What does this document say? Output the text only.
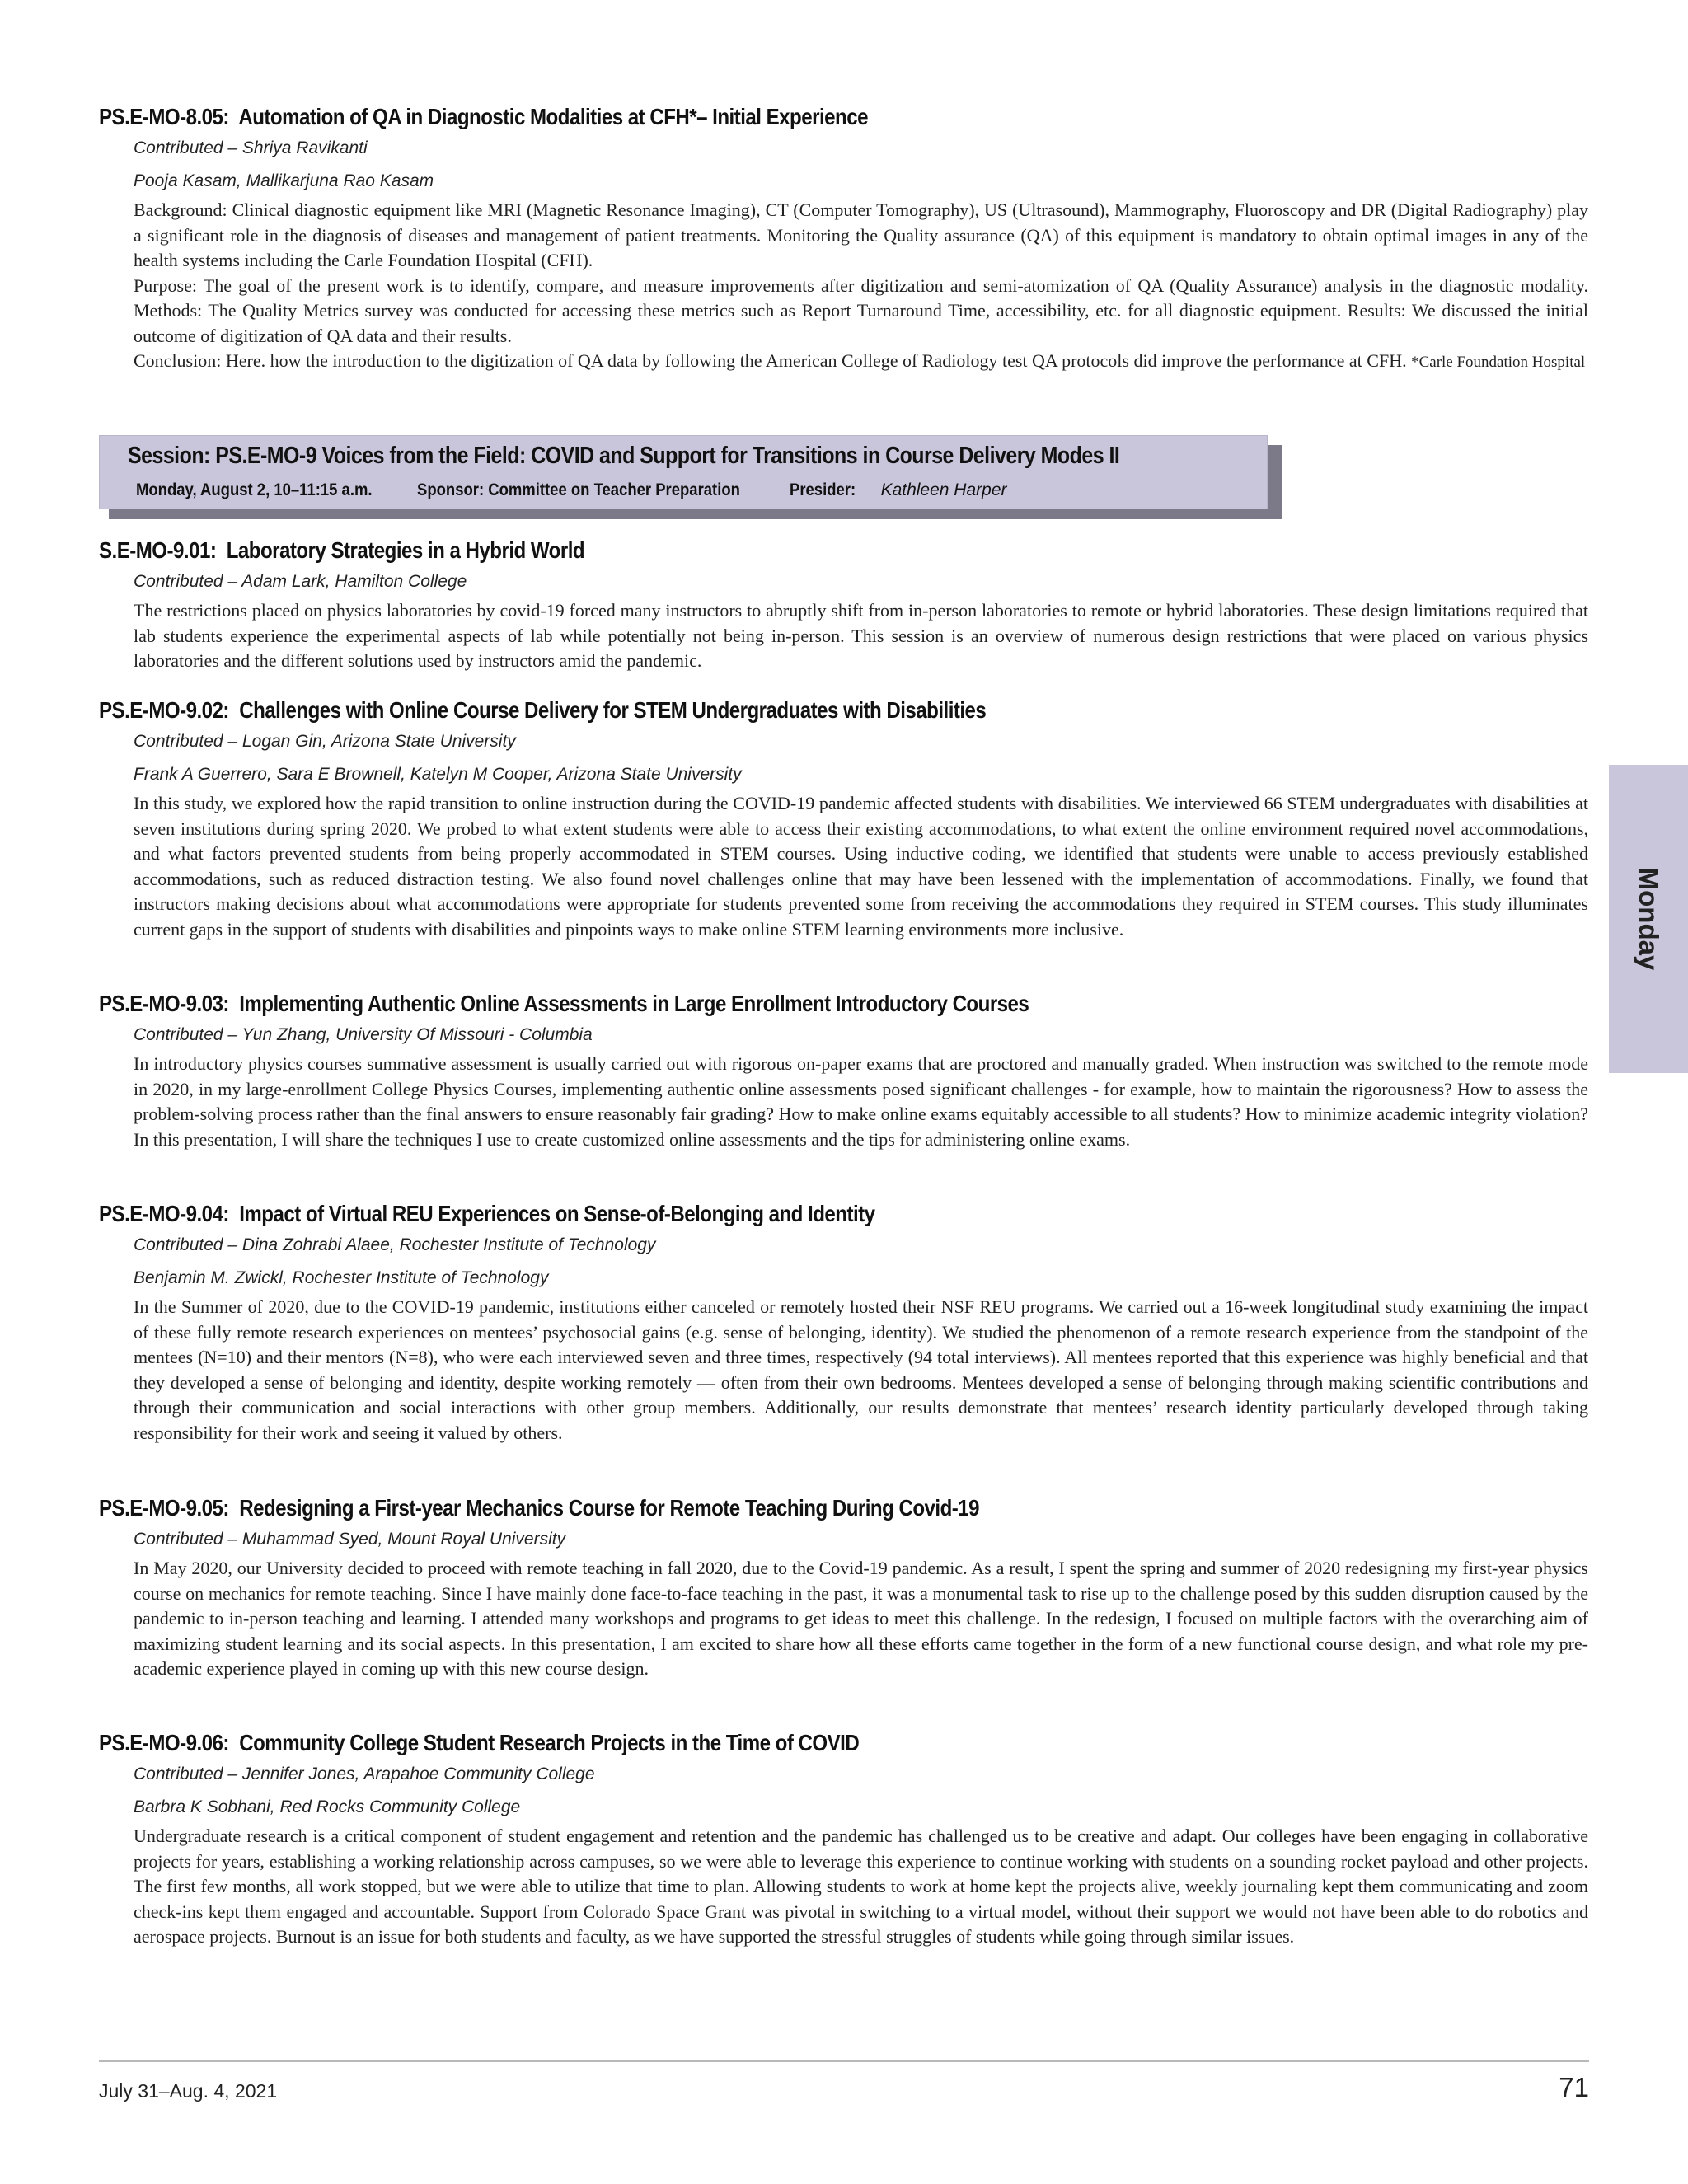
PS.E-MO-8.05: Automation of QA in Diagnostic Modalities at CFH*– Initial Experience
Contributed – Shriya Ravikanti
Pooja Kasam, Mallikarjuna Rao Kasam

Background: Clinical diagnostic equipment like MRI (Magnetic Resonance Imaging), CT (Computer Tomography), US (Ultrasound), Mammography, Fluoroscopy and DR (Digital Radiography) play a significant role in the diagnosis of diseases and management of patient treatments. Monitoring the Quality assurance (QA) of this equipment is mandatory to obtain optimal images in any of the health systems including the Carle Foundation Hospital (CFH).

Purpose: The goal of the present work is to identify, compare, and measure improvements after digitization and semi-atomization of QA (Quality Assurance) analysis in the diagnostic modality. Methods: The Quality Metrics survey was conducted for accessing these metrics such as Report Turnaround Time, accessibility, etc. for all diagnostic equipment. Results: We discussed the initial outcome of digitization of QA data and their results.

Conclusion: Here. how the introduction to the digitization of QA data by following the American College of Radiology test QA protocols did improve the performance at CFH. *Carle Foundation Hospital

Session: PS.E-MO-9 Voices from the Field: COVID and Support for Transitions in Course Delivery Modes II
Monday, August 2, 10–11:15 a.m.	Sponsor: Committee on Teacher Preparation	Presider: Kathleen Harper
S.E-MO-9.01: Laboratory Strategies in a Hybrid World
Contributed – Adam Lark, Hamilton College

The restrictions placed on physics laboratories by covid-19 forced many instructors to abruptly shift from in-person laboratories to remote or hybrid laboratories. These design limitations required that lab students experience the experimental aspects of lab while potentially not being in-person. This session is an overview of numerous design restrictions that were placed on various physics laboratories and the different solutions used by instructors amid the pandemic.

PS.E-MO-9.02: Challenges with Online Course Delivery for STEM Undergraduates with Disabilities
Contributed – Logan Gin, Arizona State University
Frank A Guerrero, Sara E Brownell, Katelyn M Cooper, Arizona State University

In this study, we explored how the rapid transition to online instruction during the COVID-19 pandemic affected students with disabilities. We interviewed 66 STEM undergraduates with disabilities at seven institutions during spring 2020. We probed to what extent students were able to access their existing accommodations, to what extent the online environment required novel accommodations, and what factors prevented students from being properly accommodated in STEM courses. Using inductive coding, we identified that students were unable to access previously established accommodations, such as reduced distraction testing. We also found novel challenges online that may have been lessened with the implementation of accommodations. Finally, we found that instructors making decisions about what accommodations were appropriate for students prevented some from receiving the accommodations they required in STEM courses. This study illuminates current gaps in the support of students with disabilities and pinpoints ways to make online STEM learning environments more inclusive.

PS.E-MO-9.03: Implementing Authentic Online Assessments in Large Enrollment Introductory Courses
Contributed – Yun Zhang, University Of Missouri - Columbia

In introductory physics courses summative assessment is usually carried out with rigorous on-paper exams that are proctored and manually graded. When instruction was switched to the remote mode in 2020, in my large-enrollment College Physics Courses, implementing authentic online assessments posed significant challenges - for example, how to maintain the rigorousness? How to assess the problem-solving process rather than the final answers to ensure reasonably fair grading? How to make online exams equitably accessible to all students? How to minimize academic integrity violation? In this presentation, I will share the techniques I use to create customized online assessments and the tips for administering online exams.

PS.E-MO-9.04: Impact of Virtual REU Experiences on Sense-of-Belonging and Identity
Contributed – Dina Zohrabi Alaee, Rochester Institute of Technology
Benjamin M. Zwickl, Rochester Institute of Technology

In the Summer of 2020, due to the COVID-19 pandemic, institutions either canceled or remotely hosted their NSF REU programs. We carried out a 16-week longitudinal study examining the impact of these fully remote research experiences on mentees’ psychosocial gains (e.g. sense of belonging, identity). We studied the phenomenon of a remote research experience from the standpoint of the mentees (N=10) and their mentors (N=8), who were each interviewed seven and three times, respectively (94 total interviews). All mentees reported that this experience was highly beneficial and that they developed a sense of belonging and identity, despite working remotely — often from their own bedrooms. Mentees developed a sense of belonging through making scientific contributions and through their communication and social interactions with other group members. Additionally, our results demonstrate that mentees’ research identity particularly developed through taking responsibility for their work and seeing it valued by others.

PS.E-MO-9.05: Redesigning a First-year Mechanics Course for Remote Teaching During Covid-19
Contributed – Muhammad Syed, Mount Royal University

In May 2020, our University decided to proceed with remote teaching in fall 2020, due to the Covid-19 pandemic. As a result, I spent the spring and summer of 2020 redesigning my first-year physics course on mechanics for remote teaching. Since I have mainly done face-to-face teaching in the past, it was a monumental task to rise up to the challenge posed by this sudden disruption caused by the pandemic to in-person teaching and learning. I attended many workshops and programs to get ideas to meet this challenge. In the redesign, I focused on multiple factors with the overarching aim of maximizing student learning and its social aspects. In this presentation, I am excited to share how all these efforts came together in the form of a new functional course design, and what role my pre-academic experience played in coming up with this new course design.

PS.E-MO-9.06: Community College Student Research Projects in the Time of COVID
Contributed – Jennifer Jones, Arapahoe Community College
Barbra K Sobhani, Red Rocks Community College

Undergraduate research is a critical component of student engagement and retention and the pandemic has challenged us to be creative and adapt. Our colleges have been engaging in collaborative projects for years, establishing a working relationship across campuses, so we were able to leverage this experience to continue working with students on a sounding rocket payload and other projects. The first few months, all work stopped, but we were able to utilize that time to plan. Allowing students to work at home kept the projects alive, weekly journaling kept them communicating and zoom check-ins kept them engaged and accountable. Support from Colorado Space Grant was pivotal in switching to a virtual model, without their support we would not have been able to do robotics and aerospace projects. Burnout is an issue for both students and faculty, as we have supported the stressful struggles of students while going through similar issues.

Monday
July 31–Aug. 4, 2021	71
